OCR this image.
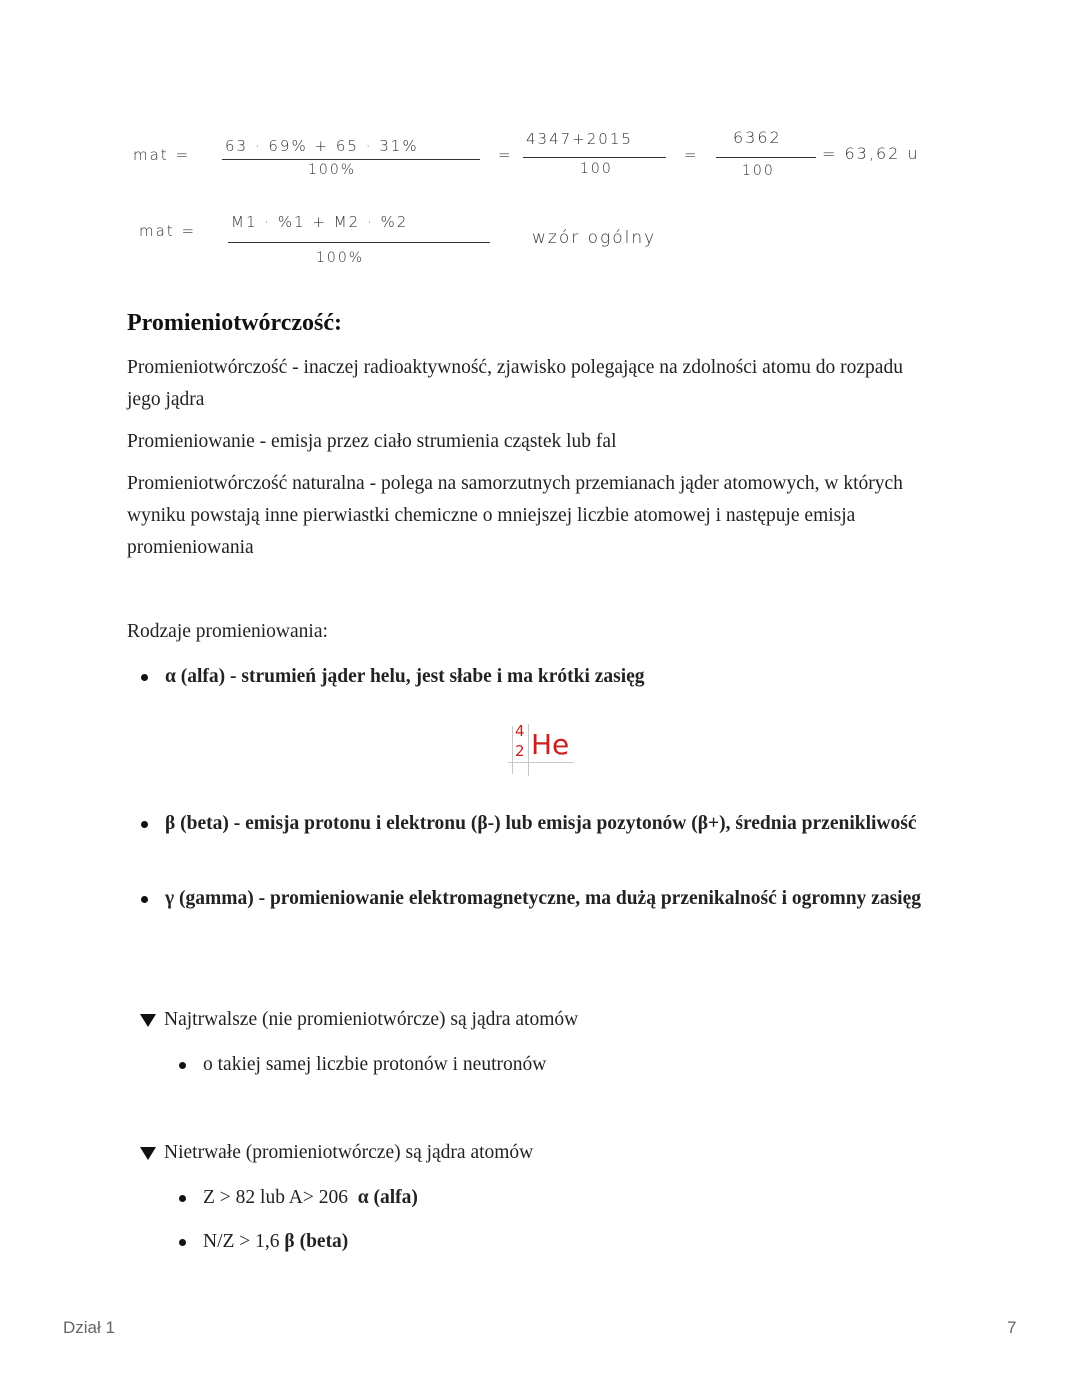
mat = 63 · 69% + 65 · 31%
100%
=
4347+2015
100
=
6362
100
= 63,62 u
mat = M1 · %1 + M2 · %2
100%
wzór ogólny
Promieniotwórczość:

Promieniotwórczość - inaczej radioaktywność, zjawisko polegające na zdolności atomu do rozpadu jego jądra

Promieniowanie - emisja przez ciało strumienia cząstek lub fal

Promieniotwórczość naturalna - polega na samorzutnych przemianach jąder atomowych, w których wyniku powstają inne pierwiastki chemiczne o mniejszej liczbie atomowej i następuje emisja promieniowania

Rodzaje promieniowania:

α (alfa) - strumień jąder helu, jest słabe i ma krótki zasięg
4
2 He
β (beta) - emisja protonu i elektronu (β-) lub emisja pozytonów (β+), średnia przenikliwość
γ (gamma) - promieniowanie elektromagnetyczne, ma dużą przenikalność i ogromny zasięg
Najtrwalsze (nie promieniotwórcze) są jądra atomów
o takiej samej liczbie protonów i neutronów
Nietrwałe (promieniotwórcze) są jądra atomów
Z > 82 lub A> 206 α (alfa)
N/Z > 1,6 β (beta)
Dział 1	7
